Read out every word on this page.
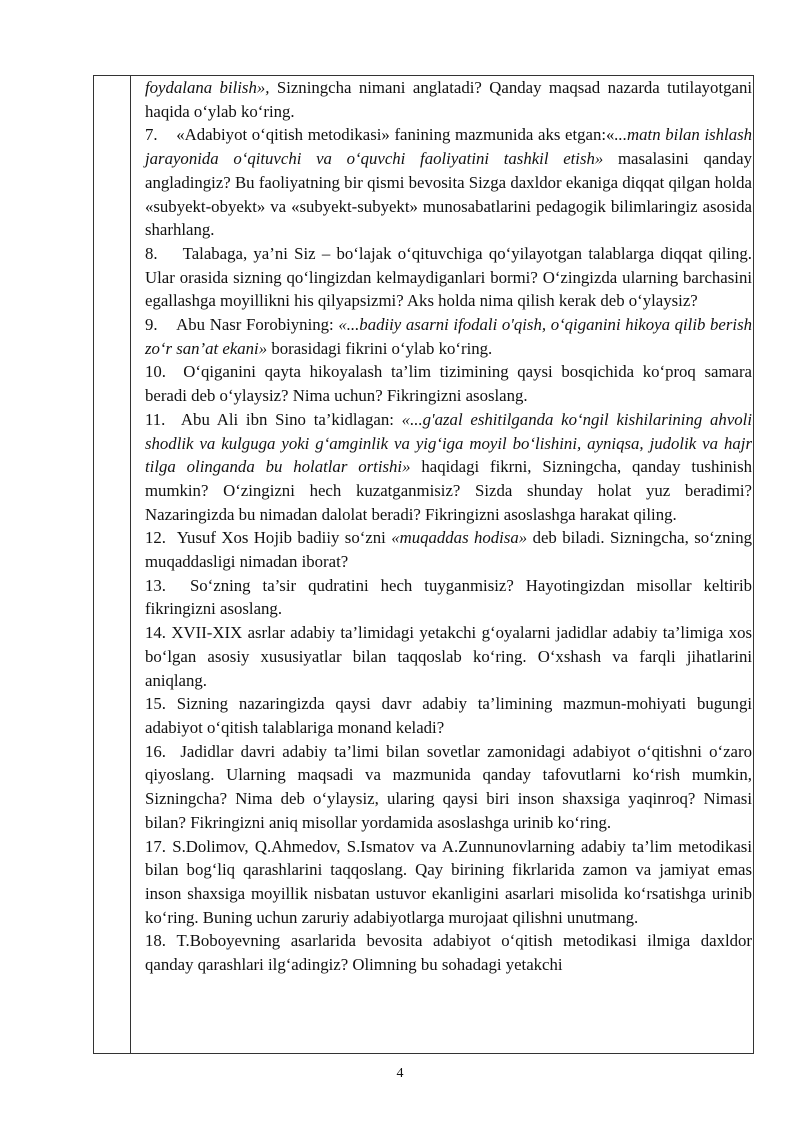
foydalana bilish», Sizningcha nimani anglatadi? Qanday maqsad nazarda tutilayotgani haqida o‘ylab ko‘ring.

7.    «Adabiyot o‘qitish metodikasi» fanining mazmunida aks etgan:«...matn bilan ishlash jarayonida o‘qituvchi va o‘quvchi faoliyatini tashkil etish» masalasini qanday angladingiz? Bu faoliyatning bir qismi bevosita Sizga daxldor ekaniga diqqat qilgan holda «subyekt-obyekt» va «subyekt-subyekt» munosabatlarini pedagogik bilimlaringiz asosida sharhlang.

8.    Talabaga, ya’ni Siz – bo‘lajak o‘qituvchiga qo‘yilayotgan talablarga diqqat qiling. Ular orasida sizning qo‘lingizdan kelmaydiganlari bormi? O‘zingizda ularning barchasini egallashga moyillikni his qilyapsizmi? Aks holda nima qilish kerak deb o‘ylaysiz?

9.    Abu Nasr Forobiyning: «...badiiy asarni ifodali o'qish, o‘qiganini hikoya qilib berish zo‘r san’at ekani» borasidagi fikrini o‘ylab ko‘ring.

10.  O‘qiganini qayta hikoyalash ta’lim tizimining qaysi bosqichida ko‘proq samara beradi deb o‘ylaysiz? Nima uchun? Fikringizni asoslang.

11.  Abu Ali ibn Sino ta’kidlagan: «...g'azal eshitilganda ko‘ngil kishilarining ahvoli shodlik va kulguga yoki g‘amginlik va yig‘iga moyil bo‘lishini, ayniqsa, judolik va hajr tilga olinganda bu holatlar ortishi» haqidagi fikrni, Sizningcha, qanday tushinish mumkin? O‘zingizni hech kuzatganmisiz? Sizda shunday holat yuz beradimi? Nazaringizda bu nimadan dalolat beradi? Fikringizni asoslashga harakat qiling.

12.  Yusuf Xos Hojib badiiy so‘zni «muqaddas hodisa» deb biladi. Sizningcha, so‘zning muqaddasligi nimadan iborat?

13.  So‘zning ta’sir qudratini hech tuyganmisiz? Hayotingizdan misollar keltirib fikringizni asoslang.

14. XVII-XIX asrlar adabiy ta’limidagi yetakchi g‘oyalarni jadidlar adabiy ta’limiga xos bo‘lgan asosiy xususiyatlar bilan taqqoslab ko‘ring. O‘xshash va farqli jihatlarini aniqlang.

15. Sizning nazaringizda qaysi davr adabiy ta’limining mazmun-mohiyati bugungi adabiyot o‘qitish talablariga monand keladi?

16.  Jadidlar davri adabiy ta’limi bilan sovetlar zamonidagi adabiyot o‘qitishni o‘zaro qiyoslang. Ularning maqsadi va mazmunida qanday tafovutlarni ko‘rish mumkin, Sizningcha? Nima deb o‘ylaysiz, ularing qaysi biri inson shaxsiga yaqinroq? Nimasi bilan? Fikringizni aniq misollar yordamida asoslashga urinib ko‘ring.

17. S.Dolimov, Q.Ahmedov, S.Ismatov va A.Zunnunovlarning adabiy ta’lim metodikasi bilan bog‘liq qarashlarini taqqoslang. Qay birining fikrlarida zamon va jamiyat emas inson shaxsiga moyillik nisbatan ustuvor ekanligini asarlari misolida ko‘rsatishga urinib ko‘ring. Buning uchun zaruriy adabiyotlarga murojaat qilishni unutmang.

18. T.Boboyevning asarlarida bevosita adabiyot o‘qitish metodikasi ilmiga daxldor qanday qarashlari ilg‘adingiz? Olimning bu sohadagi yetakchi

4
